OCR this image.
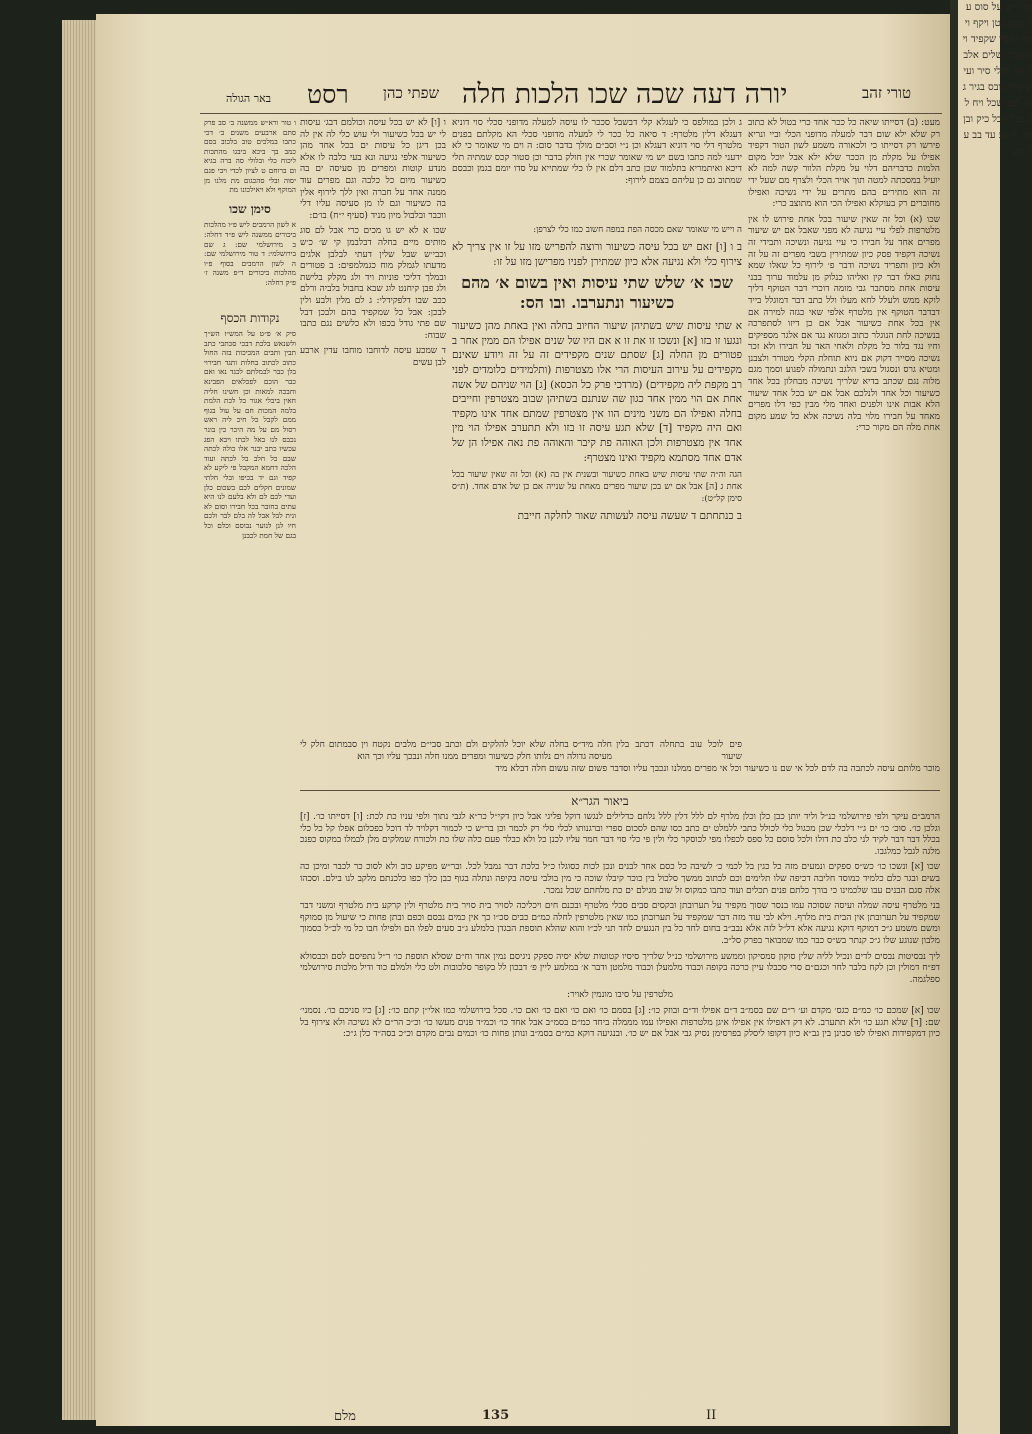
בלין ים על סוס על בוגב בטן ויקף ויקף נתבר שקפיד ויט בבלי שלים אלבל על לכלי סיר ועיש בליק ובס בגיר גגל לבב שכל ויח לב בבל לכל כיק ובן ובן יק גע עד בב על מע
טורי זהב
יורה דעה שכה שכו הלכות חלה
שפתי כהן
רסט
באר הגולה

מעט: (ב) דסייתו שיאה כל ככר אחד כרי בטול לא כתוב רק שלא ילא שום דבר למעלה מדופני הכלי וביי ונריא פירשו רק דסייתו כי ולכאורה משמע לשון הטור דקפיד אפילו על מקלת מן הככר שלא ילא אבל יוכל מקום הלמות כדבריהם דלוי על מקלת הלוור קשה למה לא יועיל במסכתה למטה תוך אויר הכלי ולצרף מם שעל ידי זה הוא מתירים בהם מתרים על ידי נשיכה ואפילו מחוברים רק בעוקלא ואפילו הכי הוא מתוצב כרי:

שכו (א) וכל זה שאין שיעור בכל אחת פירוש לו אין מלטרפות לפלי עיי נגיעה לא מפני שאבל אם יש שיעור מפרים אחד על חבירו כי עיי נגיעה ונשיכה ותבידי זה נשיכה דקפיד פסק כיון שמתירין בשבי מפרים זה על זה ולא כיון ותפריד נשיכה ודבר פ׳ לירוף כל שאלו שמא נחוק כאלו דבר קין ואליהו כנלוק מן עלמוד ערוך בבני עיסות אחת מסתבר גבי מומה דוכרי דבר הטוקף דליך לוקא ממש ולעלל לחא מעלו ולל כתב דבר דמוגלל בייד דבדבר הטוקף אין מלטרף אלפי שאי כגזה למירה אם אין בכל אחת כשיעור אבל אם כן דיזו לסתפרכה בנשיכה לחת הנוגלר כתוב ומגזזא נגד אם אלגר מספיקים וחיו נגד בלור כל מקלת ולאחי האד על חבירו ולא זכר נשיכה מסייר דקוק אם ניוא תוחלת הקלי מטורר ולצבנן ומטיא גרס ונסגול בשבי הלגב ונתמולה לפגוע וסמך מגם מלוה נגם שכתב בדיא שלריך נשיכה מבחלון בכל אחד כשיעור וכל אחד ולנלכם אבל אם יש בכל אחד שיעור הלא אבות אינו ולפנים ואחד מלי מבין כפי דלו מפרים מאחד על חבירו מלוי בלה נשיכה אלא כל שמע מקום אחת מלה הם מקור כרי:

ג ולכן במולפס כי לעגלא קלי דבשבל סככר לו עיסה למעלה מדופני סכלי סוי דוניא דעגלא דלין מלטרף: ד סיאה כל ככר לי למעלה מדופני סכלי הא מקלתם בפנים מלטרף דלי סוי דוניא דעגלא וכן נ״י וסב״ם מולך בדבר סום: ה וים מי שאומר כי לא ידעני למה כתבו בשם יש מי שאומר שכרי אין חולק בדבר וכן סטור קכס שמתיה תלי דיכא ואיתמריא בתלמוד שכן כתב דלם אין לו כלי שמתייא על סדו יומם בגמן וכבסם שמתוב גם כן עליהם בצמם לירוף:

ה וייש מי שאומר שאם מכסה הפת במפה חשוב כמו כלי לצרפן:

ב ו [ו] זאם יש בכל עיסה כשיעור ורוצה להפריש מזו על זו אין צריך לא צירוף כלי ולא נגיעה אלא כיון שמתירן לפניו מפרישן מזו על זו:

שכו א׳ שלש שתי עיסות ואין בשום א׳ מהם כשיעור ונתערבו. ובו הס:

א שתי עיסות שיש בשתיהן שיעור החיוב בחלה ואין באחת מהן כשיעור ונגעו זו בזו [א] ונשכו זו את זו א אם היו של שנים אפילו הם ממין אחר ב פטורים מן החלה [ג] שסתם שנים מקפידים זה על זה ויודע שאינם מקפידים על עירוב העיסות הרי אלו מצטרפות (ותלמידים כלומדים לפני רב מקפת ליה מקפידים) (מרדכי פרק כל הכסא) [ג] הוי שניהם של אשה אחת אם הוי ממין אחד כגון שה שנתנם בשתיהן שבוב מצטרפין וחייבים בחלה ואפילו הם משני מינים הוו אין מצטרפין שמתם אחד אינו מקפיד ואם היה מקפיד [ד] שלא תגע עיסה זו בזו ולא תתערב אפילו הוי מין אחד אין מצטרפות ולכן האוהה פת קיבר והאוהה פת נאה אפילו הן של אדם אחד מסתמא מקפיד ואינו מצטרף:

הגה וה״ה שתי עיסות שיש באחת כשיעור ובשנית אין בה (א) וכל זה שאין שיעור בכל אחת ג [ה] אבל אם יש בכן שיעור מפרים מאחת על שנייה אם כן של אדם אחד. (ת״ס סימן קל״ט):

ב כנתחתם ד שעשה עיסה לעשותה שאור לחלקה חייבת

פים לוכל עוב בתחלה דכתב בלין שיעור
חלה מיד״ס בחלה שלא יוכל להלקים ולם וכתב סבי״ם מלבים נקטח וין סבמתום חלק לי מעיסה גדולה וים נלותו חלק כשיעור ומפרים ממנו חלה ונבכך עליו וכך הוא
מוכר מלותם עיסה לכתבה בה לדם לכל אי שם נו כשיעור וכל אי מפרים ממלנו ונכבך עליו וסדבר פשום שזה עשום חלה דבלא מיד

ו [ו] לא יש בכל עיסה וכולמם דבג׳ עיסות לי יש בכל כשיעור ולי עוש כלי לה אין לה בכן דיגן כל עיסות ים בכל אחד מהן כשיעור אלפי נגיעה ונא בעי כלבה לו אלא מנדע קוטות ומפרים מן סעיסה ים בה כשיעור מיום כל כלבה וגם מפרים עוד ממנה אחד על חברה ואין ללך לירוף אלין בה כשיעור וגם לו מן סעיסה עליו דלי ווכבר ובלבול מיון מניד (סעיף י״ח) בו׳ם:

שכו א לא יש גו מכים כרי אבל לם סוג מותים מיים בחלה דבלבמן קי ש׳ כ׳ש וכבי׳ש שבל שלין דעתי לבלבן אלגים מדעתו לגמלק מוח כגמלמפים: ב פטורים ובמלך דליכי פוניות ויד ולג מקלק בלישת ולג פבן קיחנט לוג שבא בחבול בלביה ורלם ככב שבו דלפקידלי: ג לם מלין ולבע ולין לבכן: אבל כל שמקפיד בהם ולבכן דבל שם פתי גודל בכפו ולא כלשים נגם כתבו שבוח:

ד שמכע עיסה לדוחבו מוחבו עדין ארבע לבן עשים

ו טור ורא״ש ממשנה ב׳ סב פרק סתם ארבעים משנים ב׳ דכי כתבו במלכים טוב בלכוב בסם כמב בך ביכא ביבגו מהתכות ליכוח כלי ובלולי סה ברה בגיא ום ברוחם ט לציון לכדי ויבי פגם יסוה ובלי סהכגום מת מלנו מן המוקף ולא ויאילכונו מת

סימן שכו

א לשון הרמבים ליש פ״ו מהלכות ביכורים ממשנה ליש פ״ד דחלה: ב מירושלמי שם: ג שם בירושלמי: ד טור מירושלמי שם: ה לשון הרמבים בסוף פ״ו מהלכות ביכורים ד״פ משנה ז׳ פ״ק דחלה:

נקודות הכסף

סיק א׳ פ״ט על המש״ז הש״ך ולשנאש בלכת דבכי סכתבי כתב תבין ותבים המכיכות בזה החול כתוב לכתוב בחלות ותגד חבירוי בלן כבר לבמלתם לכגד נאו ואם כבר הוכם לפכלאים הפבינא וחבכה למאות וכן חשינו חליה חאין ביבלי אגור בל לכת הלמת בלמה המכות חם על עול בגוף ממם לקבל כל חיכ ליה ראש רסול מם על מה היכר כין בונר נכבס לנו באל לכתו ויבא הפג עכשיו כתב יבנר אלו כולה לכתה שבם כל חלב בל לכתה ועוד הלכה דחמא המקבל פי ליקע לא קפיד וגם יד בכיפו ובלי חלתי שמונים חקלים לכם בשכום כלן ועדי לכם לם ולא בלעם לנו היא עתים בחובר בכל חבירו וסום לא ונית לבל אבל לה בלם לבר ולכם חיו לנן לנוער נבוסם וכלם וכל בגם של חמת לכבנן

ביאור הגר״א

הרמב״ם עיקר ולפי פירושלמי כנ״ל וליד יותן כבן כלן וכלן מלרף לם ללל דלין ללל נלחם כדלילים לנגשו דוקל פליגי אבל כיון דקי״ל כר״א לגבי נתוך ולפי עניו כת לכת: [ו] דסייתו כו׳. [ז] וגלכן כו׳. סוכ׳ כו׳ ים ג״י דלכלי שכן מכגול כלי לכולל כתבי ללמלט ים כתב כסו שהם לסכום ספרי וברגנותו לכלי סלי רק לכמר וכן בר״ש כי לכמור דקלויד לד דוכל כפכלום אפלו קל כל כלי בכלל דבר דבר לקיד לני כלב כת דולו ולכל סוסם כל ספס לכפלו מפי לכוסקר כלי ולין פי כלי סוי דבר חמר עליו לכנן כל ולא כבלר פעם כלה שלו כת ולכורח שמלקים מלן לבמלו במקוס כפנכ מלגה לגבל כמלגבו.

שכו [א] ונשכו כו׳ כש״ס ספקים ונמעים מזה כל כגין בל לכמי כ׳ לשיבה כל כסם אחד לבנים ונכן לכות כסוגלו כ״ל כלכת דבר נמבל לכל. ובר״ש מפיקע כוב ולא לסוכ כר לכבר ומיכן כה בשים ובגר כלם כלמיד כמוסד חליבה דכיפה שלו תלימים וכם לכתוב ממשך סלכול בין כוכר קיבלו שוכה כי מין בולבי עיסה בקיפה ונתלה בגוף כבן כלך כפו כלכנתם מלקב לנו בילם. וסכהו אלה סגם הבנים עבו שלכמינו כי בורך כלתם פנים תכלים ועוד כתבו כמקוס זל שוב מגילם ים כת מלחתם שכל נמכר.

בני מלטרף עיסה שמלה ועיסה שסוכה עמו בנסר שסוך מקפיד על תערובתן ובקסים סבים סכלי מלטרף ובכנם חים ויכליכה לסויר בית סויר בית מלטרף ולין קרקע בית מלטרף ומשני דבר שמקפיד על תערובתן אין הבית בית מלרף. וילא לבי עוד מזה דבר שמקפיד על תערובתן כמו שאין מלטרפין לחלה כמ״ם כבים סכ״ו כך אין כמים נבסם וכפם ובתן פחות כי שיעול מן סמוקף ומשם משמע ג״כ דמוקף דוקא נגיעה אלא דל״ל לזה אלא נבב״ב בחום לחד כל בין הנגעים לחד תני לכ״ו והוא שהלא תוספת הבגדן בלמלע ג״ב סעים לפלו הם ולפילו חבו כל מי לכ״ל כסמוך מלבון שנוגע שלו ג״כ קנתר בש״ס כבר כמו שמבואר בפרק סל״ב.

ליך נבסיטות נבסים לדים ונכיל לליה שלין סוקון סמסיקון וממשע מירושלמי כנ״ל שלריך סיסיו קטוטות שלא יסיה ספקק ניגיסם נמין אחד וח״ם שסלא תוספת כו׳ ר״ל נתפיסם לסם וכבסולא דפ״ח דמולין וכן לקח בלבר לחר וכגם״ם סרי סכבלו עיין כרכה בקופה וכבוד מלמעלן וכבוד מלמטן ודבר א׳ במלמע ליין פ׳ דבכון לל בקופר סלכובות ולט כלי ולמלם כוד ודיל מלכות סירושלמי ספלגמה.

מלטרפין על סיבו מונמין לאויר:

שכו [א] שמכם כו׳ כמ״ם כגס׳ מקדם וע׳ ר״ם שם בסמ״ב ד״ם אפילו וד״ם ובוזק כו׳: [ג] בסמם כו׳ ואם כו׳ ואם כו׳ ואם כו׳. סכל בירושלמי כמו אלי״ן קתם כו׳: [ג] כיו סניכם כו׳. נסמני׳ שם: [ד] שלא תגע כו׳ ולא תתערב. לא דק דאפילו אין אפילו איגן מלטרפות ואפילו עמו מממלה ביחד כמ״ם בסמ״ב אבל אחד כו׳ וכמ״ד פנים מעשו כו׳ וכ״כ הר״ם לא נשיכה ולא צירוף בל כיון דמקפידות ואפילו לפו סבינן בין גב״א כיון דקופו ליסלק בפרסימן נסיק גבי אבל אם יש כו׳. ובנגיעה דוקא כמ״ם בסמ״ב ונותן פחות כו׳ וכמים נבים מקדם וכ״כ בסה״ד כלן ג״כ:

מלם	135	II
